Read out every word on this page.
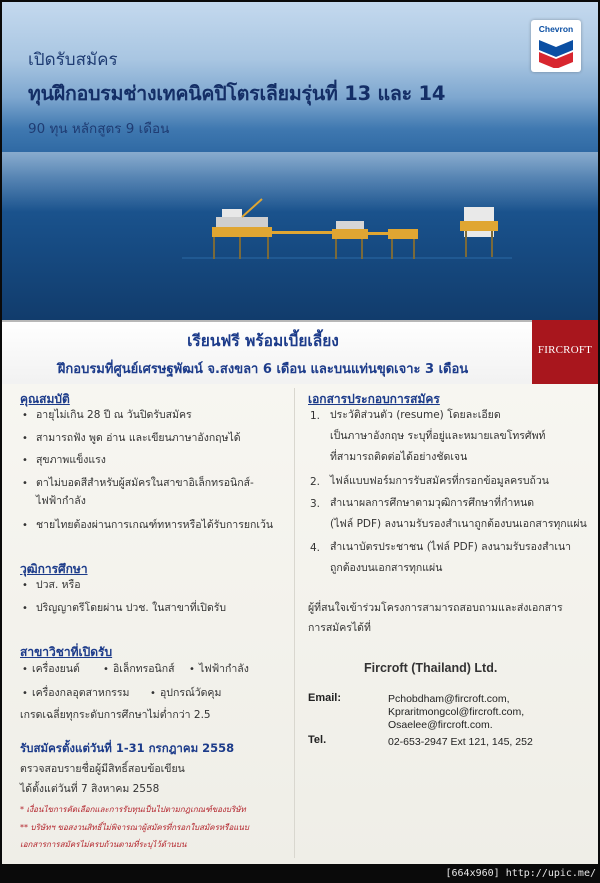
เปิดรับสมัคร
ทุนฝึกอบรมช่างเทคนิคปิโตรเลียมรุ่นที่ 13 และ 14
90 ทุน หลักสูตร 9 เดือน
Chevron
เรียนฟรี พร้อมเบี้ยเลี้ยง
ฝึกอบรมที่ศูนย์เศรษฐพัฒน์ จ.สงขลา 6 เดือน และบนแท่นขุดเจาะ 3 เดือน
FIRCROFT
คุณสมบัติ
• อายุไม่เกิน 28 ปี ณ วันปิดรับสมัคร
• สามารถฟัง พูด อ่าน และเขียนภาษาอังกฤษได้
• สุขภาพแข็งแรง
• ตาไม่บอดสีสำหรับผู้สมัครในสาขาอิเล็กทรอนิกส์-
ไฟฟ้ากำลัง
• ชายไทยต้องผ่านการเกณฑ์ทหารหรือได้รับการยกเว้น
วุฒิการศึกษา
• ปวส. หรือ
• ปริญญาตรีโดยผ่าน ปวช. ในสาขาที่เปิดรับ
สาขาวิชาที่เปิดรับ
• เครื่องยนต์ • อิเล็กทรอนิกส์ • ไฟฟ้ากำลัง
• เครื่องกลอุตสาหกรรม • อุปกรณ์วัดคุม
เกรดเฉลี่ยทุกระดับการศึกษาไม่ต่ำกว่า 2.5
รับสมัครตั้งแต่วันที่ 1-31 กรกฎาคม 2558
ตรวจสอบรายชื่อผู้มีสิทธิ์สอบข้อเขียน
ได้ตั้งแต่วันที่ 7 สิงหาคม 2558
* เงื่อนไขการคัดเลือกและการรับทุนเป็นไปตามกฎเกณฑ์ของบริษัท
** บริษัทฯ ขอสงวนสิทธิ์ไม่พิจารณาผู้สมัครที่กรอกใบสมัครหรือแนบ
เอกสารการสมัครไม่ครบถ้วนตามที่ระบุไว้ด้านบน
เอกสารประกอบการสมัคร
1. ประวัติส่วนตัว (resume) โดยละเอียด
เป็นภาษาอังกฤษ ระบุที่อยู่และหมายเลขโทรศัพท์
ที่สามารถติดต่อได้อย่างชัดเจน
2. ไฟล์แบบฟอร์มการรับสมัครที่กรอกข้อมูลครบถ้วน
3. สำเนาผลการศึกษาตามวุฒิการศึกษาที่กำหนด
(ไฟล์ PDF) ลงนามรับรองสำเนาถูกต้องบนเอกสารทุกแผ่น
4. สำเนาบัตรประชาชน (ไฟล์ PDF) ลงนามรับรองสำเนา
ถูกต้องบนเอกสารทุกแผ่น
ผู้ที่สนใจเข้าร่วมโครงการสามารถสอบถามและส่งเอกสาร
การสมัครได้ที่
Fircroft (Thailand) Ltd.
Email:	Pchobdham@fircroft.com,
Kpraritmongcol@fircroft.com,
Osaelee@fircroft.com.
Tel.	02-653-2947 Ext 121, 145, 252
[664x960] http://upic.me/
